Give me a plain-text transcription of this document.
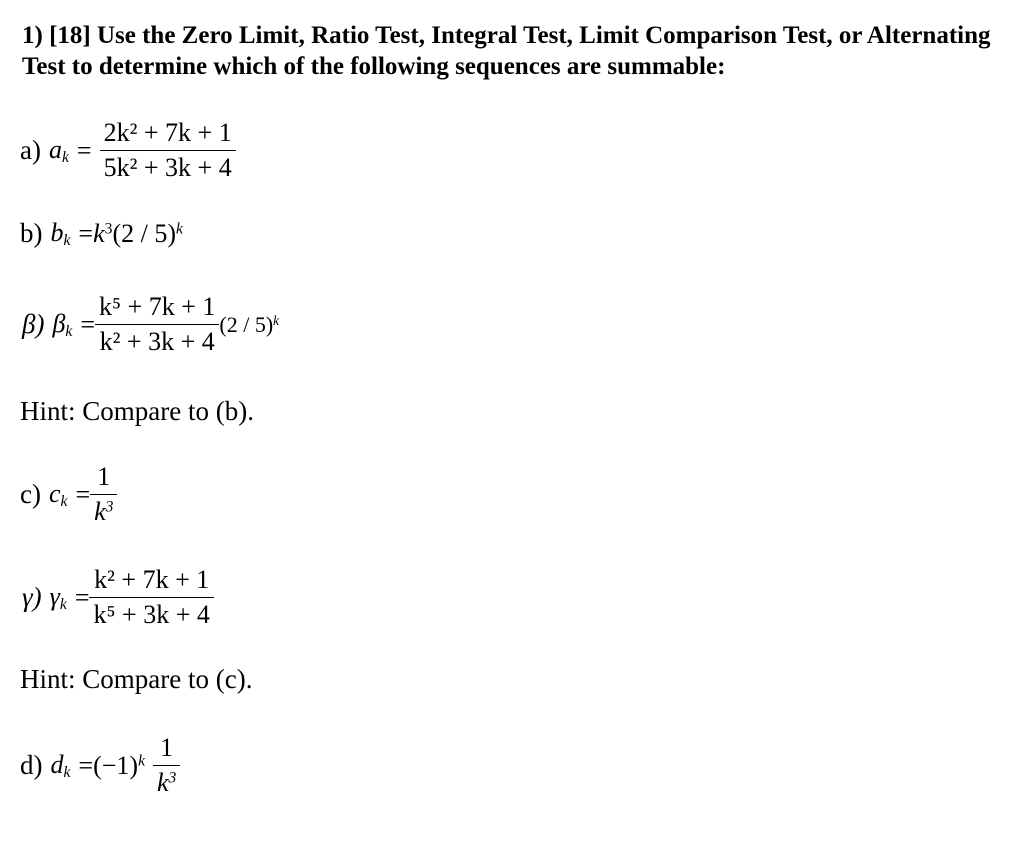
1) [18] Use the Zero Limit, Ratio Test, Integral Test, Limit Comparison Test, or Alternating Test to determine which of the following sequences are summable:
a) $a_k = \frac{\text{2k² + 7k + 1}}{\text{5k² + 3k + 4}}$
b) $b_k = k^3(2 / 5)^k$
β) $\beta_k = \frac{\text{k⁵ + 7k + 1}}{\text{k² + 3k + 4}} (2 / 5)^k$
Hint: Compare to (b).
c) $c_k = \frac{1}{k^3}$
γ) $\gamma_k = \frac{\text{k² + 7k + 1}}{\text{k⁵ + 3k + 4}}$
Hint: Compare to (c).
d) $d_k = (-1)^k \frac{1}{k^3}$
